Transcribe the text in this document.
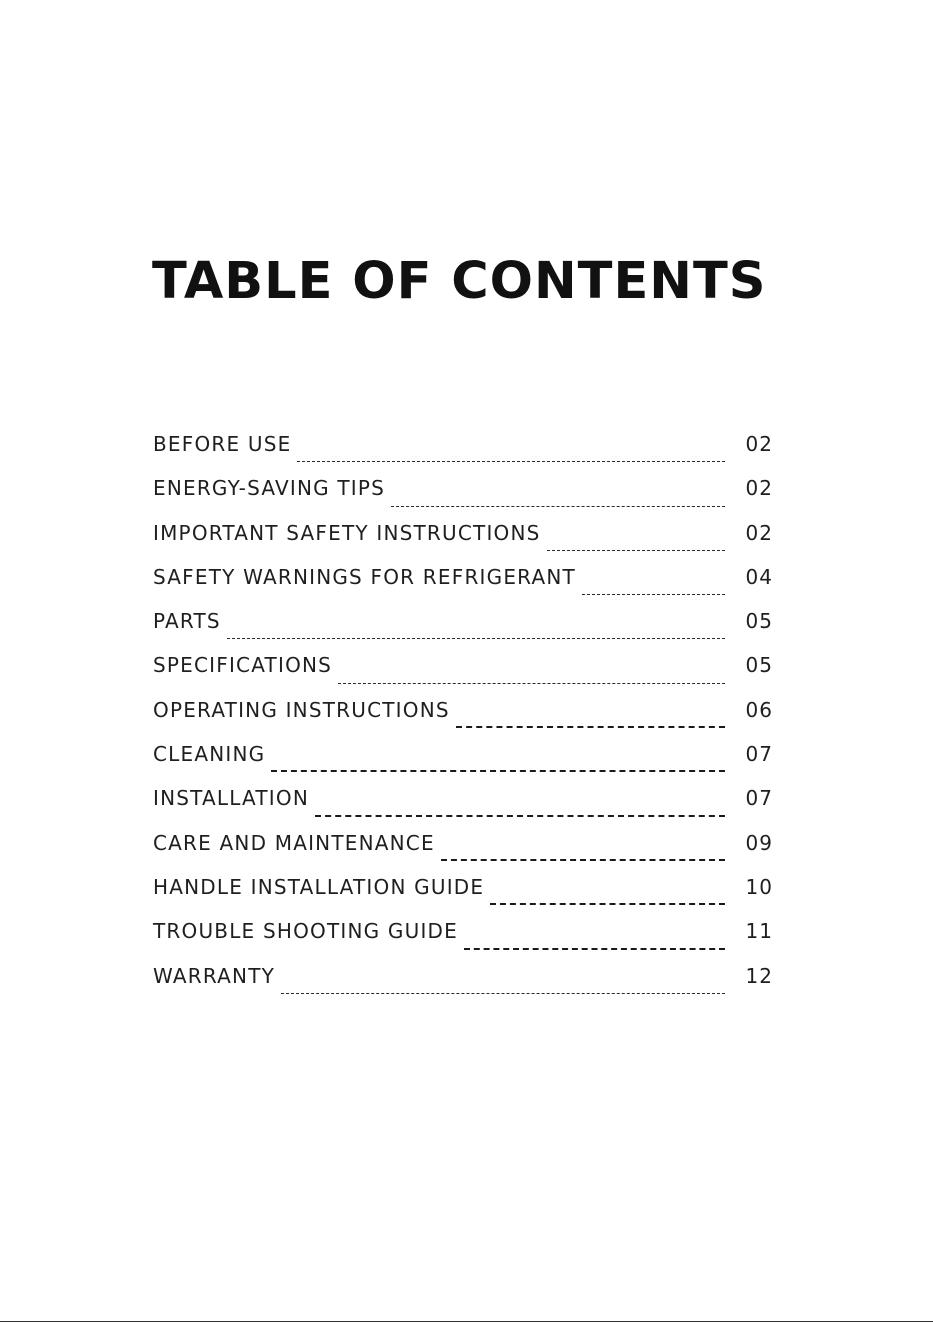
TABLE OF CONTENTS
BEFORE USE	02
ENERGY-SAVING TIPS	02
IMPORTANT SAFETY INSTRUCTIONS	02
SAFETY WARNINGS FOR REFRIGERANT	04
PARTS	05
SPECIFICATIONS	05
OPERATING INSTRUCTIONS	06
CLEANING	07
INSTALLATION	07
CARE AND MAINTENANCE	09
HANDLE INSTALLATION GUIDE	10
TROUBLE SHOOTING GUIDE	11
WARRANTY	12
